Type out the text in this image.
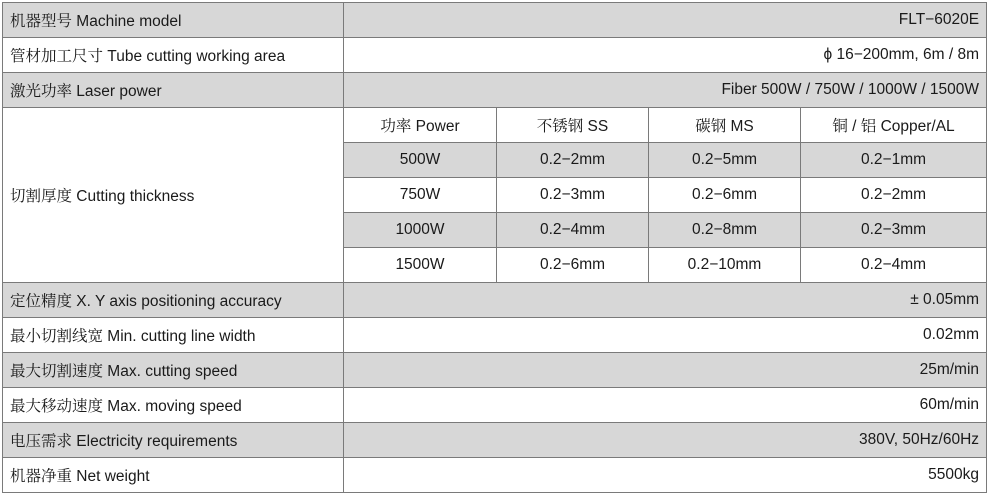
机器型号 Machine model	FLT−6020E			
管材加工尺寸 Tube cutting working area	ϕ 16−200mm, 6m / 8m			
激光功率 Laser power	Fiber 500W / 750W / 1000W / 1500W			
切割厚度 Cutting thickness	功率 Power	不锈钢 SS	碳钢 MS	铜 / 铝 Copper/AL
	500W	0.2−2mm	0.2−5mm	0.2−1mm
	750W	0.2−3mm	0.2−6mm	0.2−2mm
	1000W	0.2−4mm	0.2−8mm	0.2−3mm
	1500W	0.2−6mm	0.2−10mm	0.2−4mm
定位精度 X. Y axis positioning accuracy	± 0.05mm			
最小切割线宽 Min. cutting line width	0.02mm			
最大切割速度 Max. cutting speed	25m/min			
最大移动速度 Max. moving speed	60m/min			
电压需求 Electricity requirements	380V, 50Hz/60Hz			
机器净重 Net weight	5500kg			
